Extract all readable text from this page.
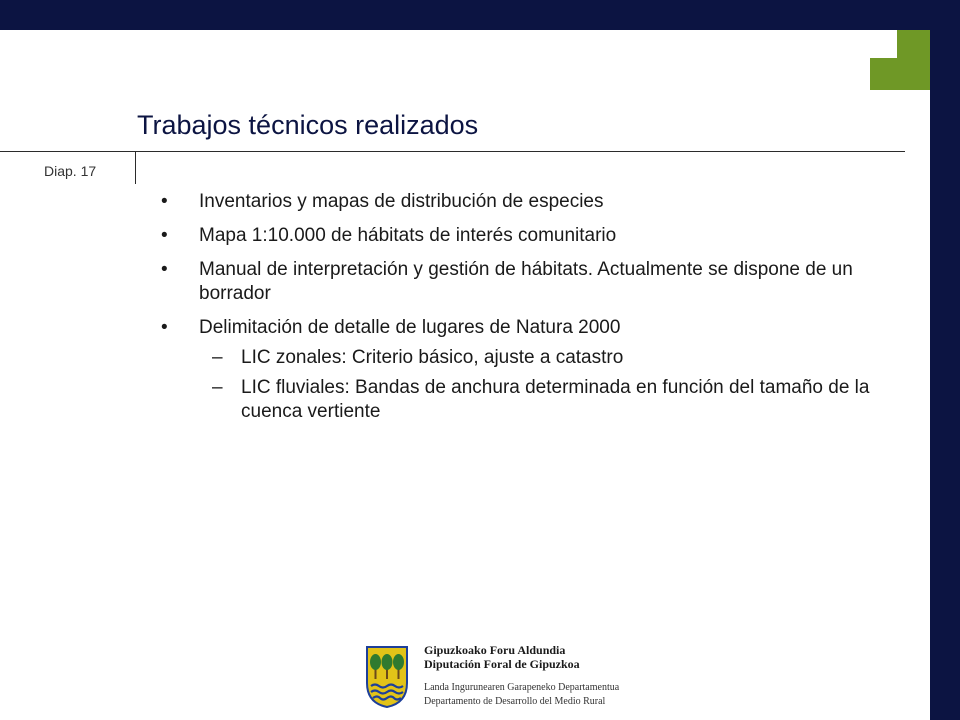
Trabajos técnicos realizados
Diap. 17
• Inventarios y mapas de distribución de especies
• Mapa 1:10.000 de hábitats de interés comunitario
• Manual de interpretación y gestión de hábitats. Actualmente se dispone de un borrador
• Delimitación de detalle de lugares de Natura 2000
– LIC zonales: Criterio básico, ajuste a catastro
– LIC fluviales: Bandas de anchura determinada en función del tamaño de la cuenca vertiente
Gipuzkoako Foru Aldundia
Diputación Foral de Gipuzkoa
Landa Ingurunearen Garapeneko Departamentua
Departamento de Desarrollo del Medio Rural
